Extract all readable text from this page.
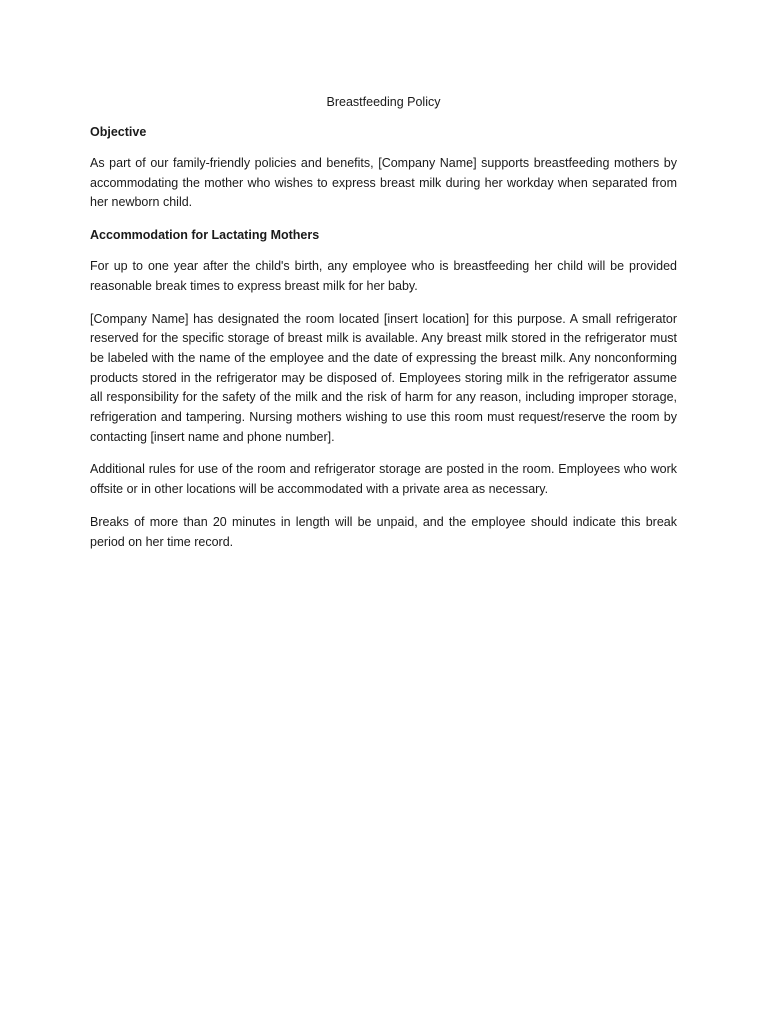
Breastfeeding Policy
Objective

As part of our family-friendly policies and benefits, [Company Name] supports breastfeeding mothers by accommodating the mother who wishes to express breast milk during her workday when separated from her newborn child.

Accommodation for Lactating Mothers

For up to one year after the child's birth, any employee who is breastfeeding her child will be provided reasonable break times to express breast milk for her baby.

[Company Name] has designated the room located [insert location] for this purpose. A small refrigerator reserved for the specific storage of breast milk is available. Any breast milk stored in the refrigerator must be labeled with the name of the employee and the date of expressing the breast milk. Any nonconforming products stored in the refrigerator may be disposed of. Employees storing milk in the refrigerator assume all responsibility for the safety of the milk and the risk of harm for any reason, including improper storage, refrigeration and tampering. Nursing mothers wishing to use this room must request/reserve the room by contacting [insert name and phone number].

Additional rules for use of the room and refrigerator storage are posted in the room. Employees who work offsite or in other locations will be accommodated with a private area as necessary.

Breaks of more than 20 minutes in length will be unpaid, and the employee should indicate this break period on her time record.
